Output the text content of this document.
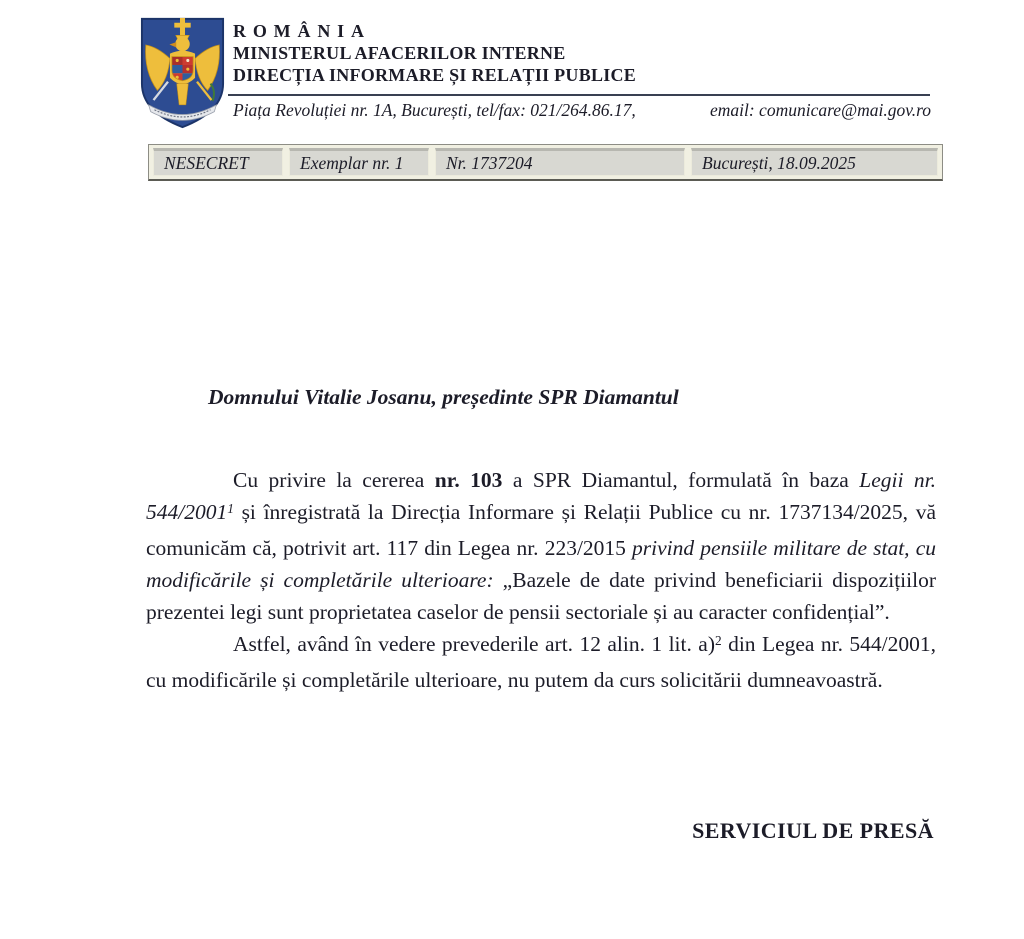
ROMÂNIA
MINISTERUL AFACERILOR INTERNE
DIRECȚIA INFORMARE ȘI RELAȚII PUBLICE
Piața Revoluției nr. 1A, București, tel/fax: 021/264.86.17,	email: comunicare@mai.gov.ro
NESECRET	Exemplar nr. 1	Nr. 1737204	București, 18.09.2025
Domnului Vitalie Josanu, președinte SPR Diamantul

Cu privire la cererea nr. 103 a SPR Diamantul, formulată în baza Legii nr. 544/2001$^1$ și înregistrată la Direcția Informare și Relații Publice cu nr. 1737134/2025, vă comunicăm că, potrivit art. 117 din Legea nr. 223/2015 privind pensiile militare de stat, cu modificările și completările ulterioare: „Bazele de date privind beneficiarii dispozițiilor prezentei legi sunt proprietatea caselor de pensii sectoriale și au caracter confidențial”.

Astfel, având în vedere prevederile art. 12 alin. 1 lit. a)$^2$ din Legea nr. 544/2001, cu modificările și completările ulterioare, nu putem da curs solicitării dumneavoastră.

SERVICIUL DE PRESĂ
